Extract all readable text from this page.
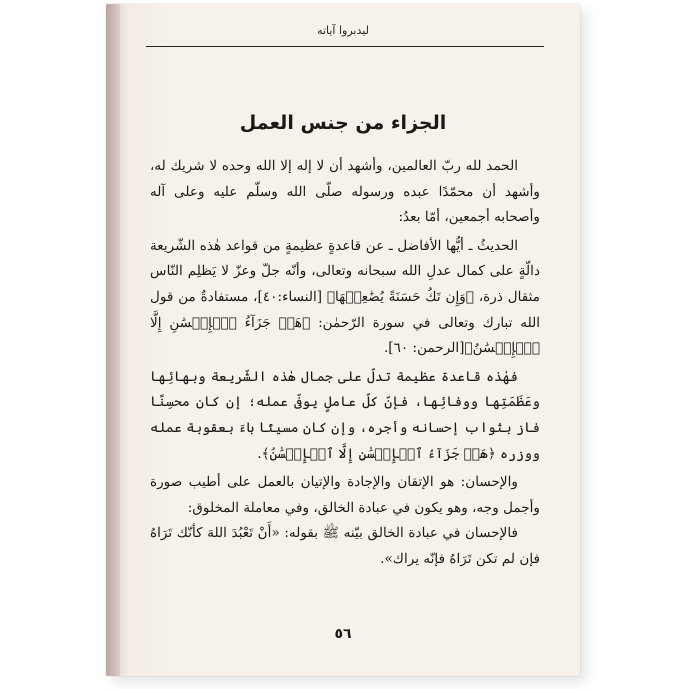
ليدبروا آياته
الجزاء من جنس العمل

الحمد لله ربّ العالمين، وأشهد أن لا إله إلا الله وحده لا شريك له، وأشهد أن محمّدًا عبده ورسوله صلّى الله وسلّم عليه وعلى آله وأصحابه أجمعين، أمّا بعدُ:

الحديثُ ـ أيُّها الأفاضل ـ عن قاعدةٍ عظيمةٍ من قواعد هٰذه الشّريعة دالّةٍ على كمال عدلِ الله سبحانه وتعالى، وأنّه جلّ وعزّ لا يَظلِم النّاس مثقال ذرة، ﴿وَإِن تَكُ حَسَنَةً يُضَٰعِفۡهَا﴾ [النساء:٤٠]، مستفادةٌ من قول الله تبارك وتعالى في سورة الرّحمٰن: ﴿هَلۡ جَزَآءُ ٱلۡإِحۡسَٰنِ إِلَّا ٱلۡإِحۡسَٰنُ﴾[الرحمن: ٦٠].

فهٰذه قاعدة عظيمة تدلّ على جمال هٰذه الشّريعة وبهائِها وعَظَمَتِها ووفائِها، فإنّ كلّ عاملٍ يوفّى عمله؛ إن كان محسِنًا فاز بثواب إحسانه وأجره، وإن كان مسيئًا باءَ بعقوبة عمله ووزره ﴿هَلۡ جَزَآءُ ٱلۡإِحۡسَٰنِ إِلَّا ٱلۡإِحۡسَٰنُ﴾.

والإحسان: هو الإتقان والإجادة والإتيان بالعمل على أطيب صورة وأجمل وجه، وهو يكون في عبادة الخالق، وفي معاملة المخلوق:

فالإحسان في عبادة الخالق بيّنه ﷺ بقوله: «أَنْ تَعْبُدَ اللهَ كأنّك تَرَاهُ فإن لم تكن تَرَاهُ فإنّه يراك».

٥٦
